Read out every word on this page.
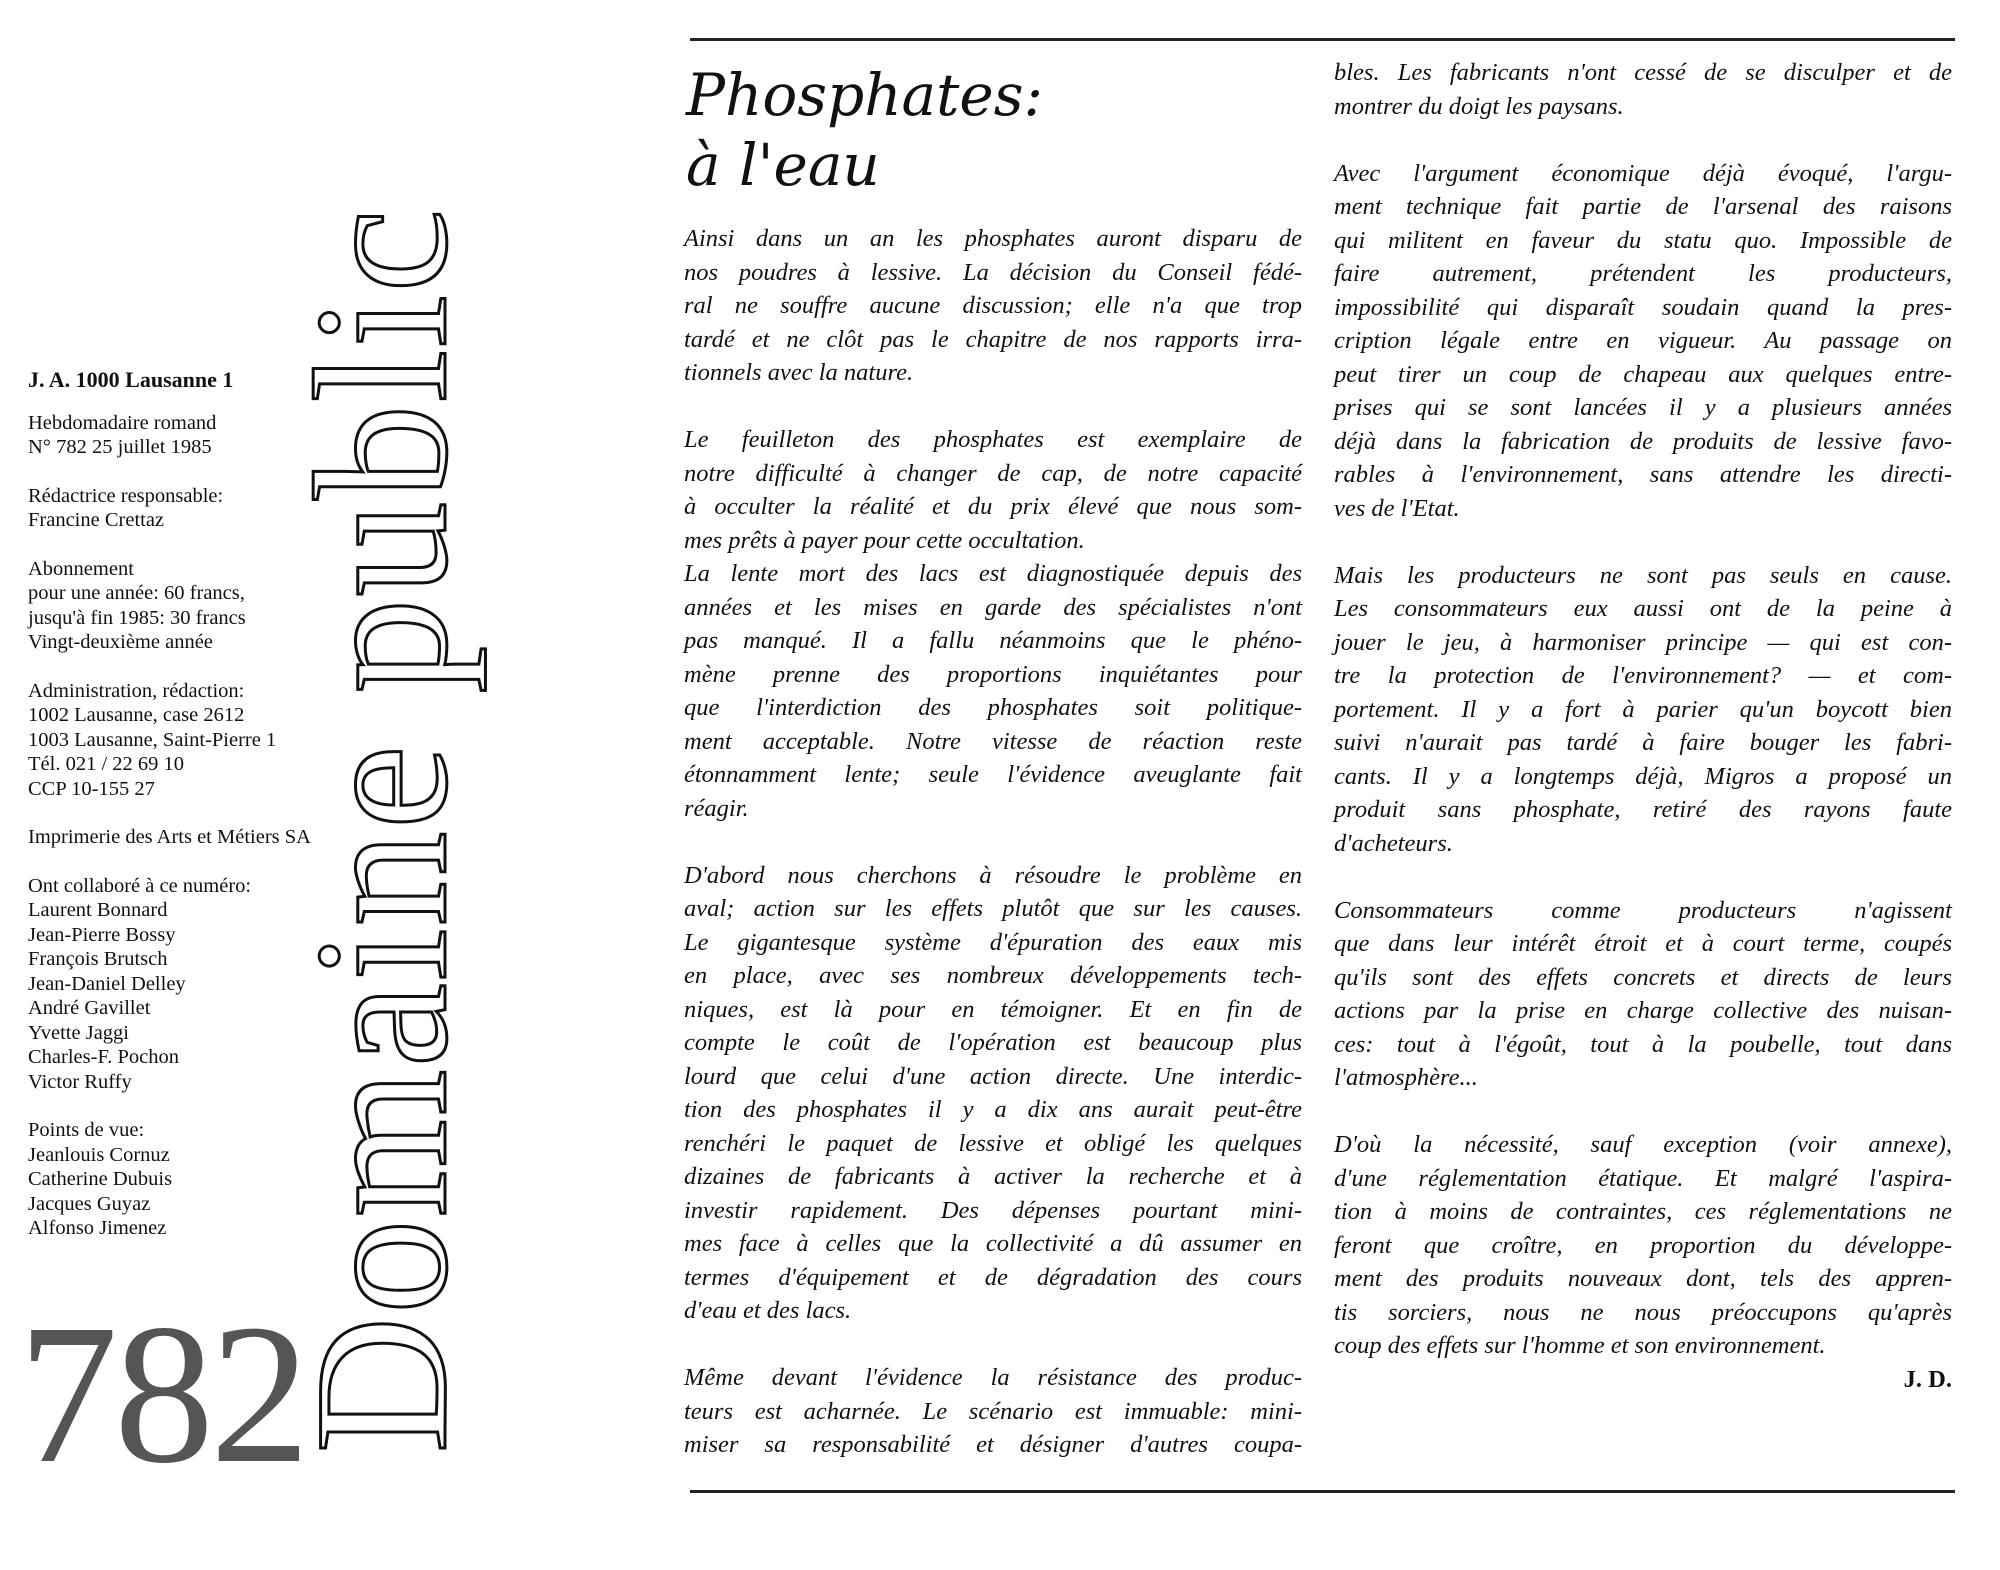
J. A. 1000 Lausanne 1
Hebdomadaire romand
N° 782 25 juillet 1985
Rédactrice responsable:
Francine Crettaz
Abonnement
pour une année: 60 francs,
jusqu'à fin 1985: 30 francs
Vingt-deuxième année
Administration, rédaction:
1002 Lausanne, case 2612
1003 Lausanne, Saint-Pierre 1
Tél. 021 / 22 69 10
CCP 10-155 27
Imprimerie des Arts et Métiers SA
Ont collaboré à ce numéro:
Laurent Bonnard
Jean-Pierre Bossy
François Brutsch
Jean-Daniel Delley
André Gavillet
Yvette Jaggi
Charles-F. Pochon
Victor Ruffy
Points de vue:
Jeanlouis Cornuz
Catherine Dubuis
Jacques Guyaz
Alfonso Jimenez
782
Domaine public
Phosphates:
à l'eau
Ainsi dans un an les phosphates auront disparu de
nos poudres à lessive. La décision du Conseil fédé-
ral ne souffre aucune discussion; elle n'a que trop
tardé et ne clôt pas le chapitre de nos rapports irra-
tionnels avec la nature.
Le feuilleton des phosphates est exemplaire de
notre difficulté à changer de cap, de notre capacité
à occulter la réalité et du prix élevé que nous som-
mes prêts à payer pour cette occultation.
La lente mort des lacs est diagnostiquée depuis des
années et les mises en garde des spécialistes n'ont
pas manqué. Il a fallu néanmoins que le phéno-
mène prenne des proportions inquiétantes pour
que l'interdiction des phosphates soit politique-
ment acceptable. Notre vitesse de réaction reste
étonnamment lente; seule l'évidence aveuglante fait
réagir.
D'abord nous cherchons à résoudre le problème en
aval; action sur les effets plutôt que sur les causes.
Le gigantesque système d'épuration des eaux mis
en place, avec ses nombreux développements tech-
niques, est là pour en témoigner. Et en fin de
compte le coût de l'opération est beaucoup plus
lourd que celui d'une action directe. Une interdic-
tion des phosphates il y a dix ans aurait peut-être
renchéri le paquet de lessive et obligé les quelques
dizaines de fabricants à activer la recherche et à
investir rapidement. Des dépenses pourtant mini-
mes face à celles que la collectivité a dû assumer en
termes d'équipement et de dégradation des cours
d'eau et des lacs.
Même devant l'évidence la résistance des produc-
teurs est acharnée. Le scénario est immuable: mini-
miser sa responsabilité et désigner d'autres coupa-
bles. Les fabricants n'ont cessé de se disculper et de
montrer du doigt les paysans.
Avec l'argument économique déjà évoqué, l'argu-
ment technique fait partie de l'arsenal des raisons
qui militent en faveur du statu quo. Impossible de
faire autrement, prétendent les producteurs,
impossibilité qui disparaît soudain quand la pres-
cription légale entre en vigueur. Au passage on
peut tirer un coup de chapeau aux quelques entre-
prises qui se sont lancées il y a plusieurs années
déjà dans la fabrication de produits de lessive favo-
rables à l'environnement, sans attendre les directi-
ves de l'Etat.
Mais les producteurs ne sont pas seuls en cause.
Les consommateurs eux aussi ont de la peine à
jouer le jeu, à harmoniser principe — qui est con-
tre la protection de l'environnement? — et com-
portement. Il y a fort à parier qu'un boycott bien
suivi n'aurait pas tardé à faire bouger les fabri-
cants. Il y a longtemps déjà, Migros a proposé un
produit sans phosphate, retiré des rayons faute
d'acheteurs.
Consommateurs comme producteurs n'agissent
que dans leur intérêt étroit et à court terme, coupés
qu'ils sont des effets concrets et directs de leurs
actions par la prise en charge collective des nuisan-
ces: tout à l'égoût, tout à la poubelle, tout dans
l'atmosphère...
D'où la nécessité, sauf exception (voir annexe),
d'une réglementation étatique. Et malgré l'aspira-
tion à moins de contraintes, ces réglementations ne
feront que croître, en proportion du développe-
ment des produits nouveaux dont, tels des appren-
tis sorciers, nous ne nous préoccupons qu'après
coup des effets sur l'homme et son environnement.
J. D.
